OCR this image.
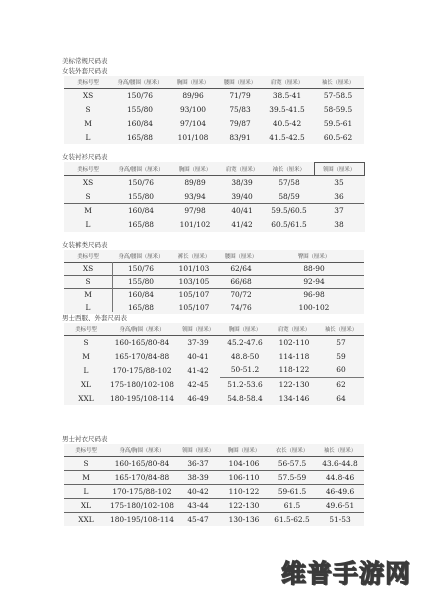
美标常规尺码表
女装外套尺码表
美标号型	身高/腰围（厘米）	胸围（厘米）	腰围（厘米）	肩宽（厘米）	袖长（厘米）
XS	150/76	89/96	71/79	38.5-41	57-58.5
S	155/80	93/100	75/83	39.5-41.5	58-59.5
M	160/84	97/104	79/87	40.5-42	59.5-61
L	165/88	101/108	83/91	41.5-42.5	60.5-62
女装衬衫尺码表
美标号型	身高/腰围（厘米）	胸围（厘米）	肩宽（厘米）	袖长（厘米）	领围（厘米）
XS	150/76	89/89	38/39	57/58	35
S	155/80	93/94	39/40	58/59	36
M	160/84	97/98	40/41	59.5/60.5	37
L	165/88	101/102	41/42	60.5/61.5	38
女装裤类尺码表
美标号型	身高/腰围（厘米）	裤长（厘米）	腰围（厘米）	臀围（厘米）
XS	150/76	101/103	62/64	88-90
S	155/80	103/105	66/68	92-94
M	160/84	105/107	70/72	96-98
L	165/88	105/107	74/76	100-102
男士西服、外套尺码表
美标号型	身高/胸围（厘米）	领围（厘米）	胸围（厘米）	肩宽（厘米）	袖长（厘米）
S	160-165/80-84	37-39	45.2-47.6	102-110	57
M	165-170/84-88	40-41	48.8-50	114-118	59
L	170-175/88-102	41-42	50-51.2	118-122	60
XL	175-180/102-108	42-45	51.2-53.6	122-130	62
XXL	180-195/108-114	46-49	54.8-58.4	134-146	64
男士衬衣尺码表
美标号型	身高/胸围（厘米）	领围（厘米）	胸围（厘米）	衣长（厘米）	袖长（厘米）
S	160-165/80-84	36-37	104-106	56-57.5	43.6-44.8
M	165-170/84-88	38-39	106-110	57.5-59	44.8-46
L	170-175/88-102	40-42	110-122	59-61.5	46-49.6
XL	175-180/102-108	43-44	122-130	61.5	49.6-51
XXL	180-195/108-114	45-47	130-136	61.5-62.5	51-53
维普手游网
